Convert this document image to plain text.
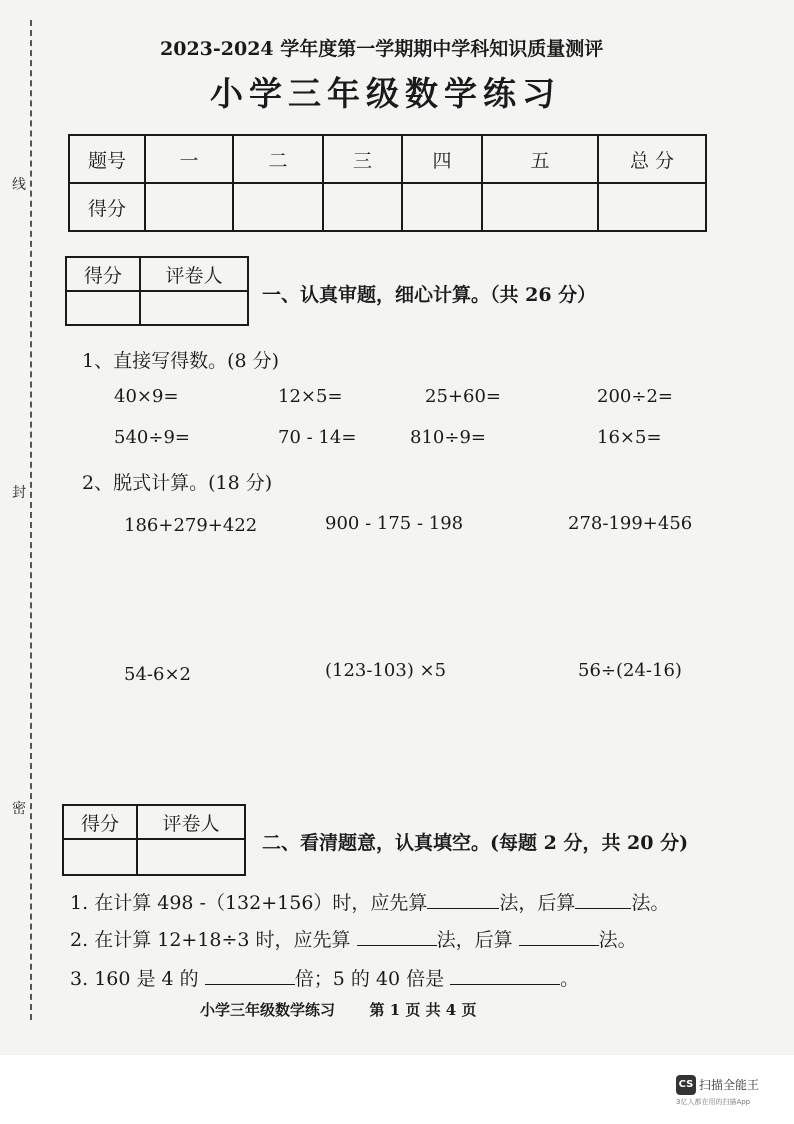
线
封
密
2023-2024 学年度第一学期期中学科知识质量测评
小学三年级数学练习
题号	一	二	三	四	五	总 分
得分						
得分	评卷人

一、认真审题，细心计算。（共 26 分）
1、直接写得数。(8 分)
40×9=	12×5=	25+60=	200÷2=
540÷9=	70 - 14=	810÷9=	16×5=
2、脱式计算。(18 分)
186+279+422	900 - 175 - 198	278-199+456
54-6×2	(123-103) ×5	56÷(24-16)
得分	评卷人

二、看清题意，认真填空。(每题 2 分，共 20 分)
1. 在计算 498 -（132+156）时，应先算	法，后算	法。
2. 在计算 12+18÷3 时，应先算	法，后算	法。
3. 160 是 4 的	倍；5 的 40 倍是	。
小学三年级数学练习 第 1 页 共 4 页
CS 扫描全能王
3亿人都在用的扫描App
